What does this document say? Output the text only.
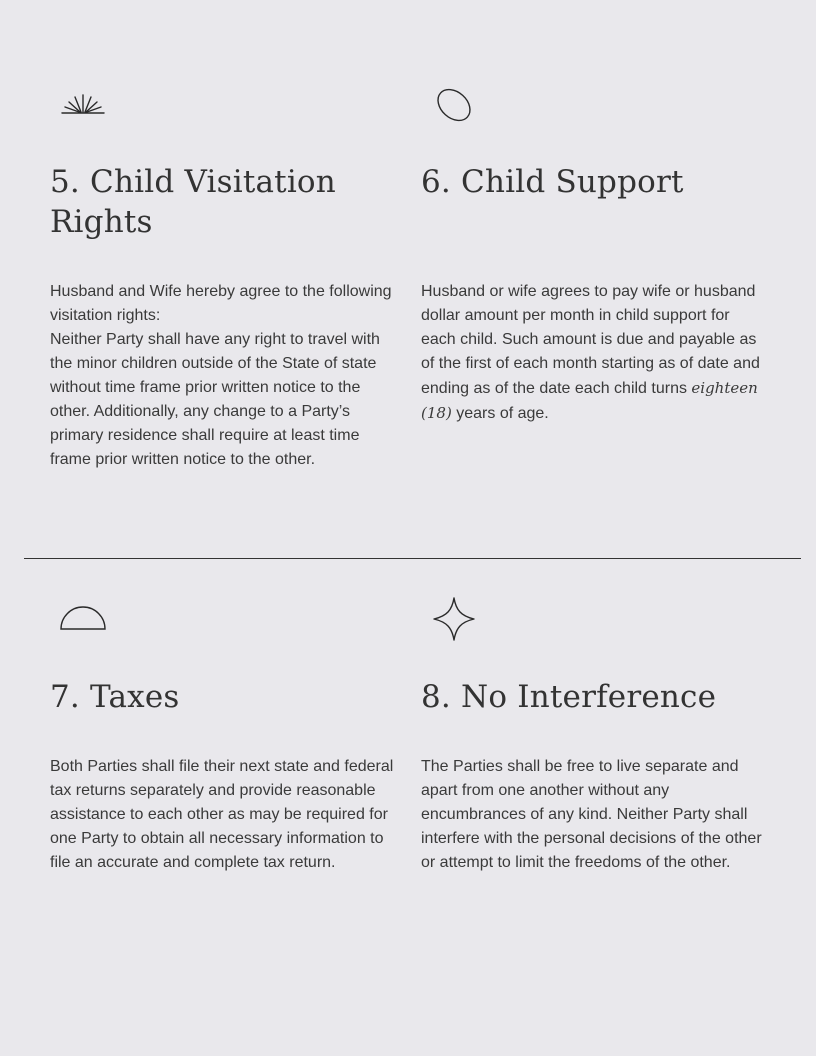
5. Child Visitation
Rights

Husband and Wife hereby agree to the following visitation rights:

Neither Party shall have any right to travel with the minor children outside of the State of state without time frame prior written notice to the other. Additionally, any change to a Party’s primary residence shall require at least time frame prior written notice to the other.

6. Child Support

Husband or wife agrees to pay wife or husband dollar amount per month in child support for each child. Such amount is due and payable as of the first of each month starting as of date and ending as of the date each child turns eighteen (18) years of age.

7. Taxes

Both Parties shall file their next state and federal tax returns separately and provide reasonable assistance to each other as may be required for one Party to obtain all necessary information to file an accurate and complete tax return.

8. No Interference

The Parties shall be free to live separate and apart from one another without any encumbrances of any kind. Neither Party shall interfere with the personal decisions of the other or attempt to limit the freedoms of the other.
